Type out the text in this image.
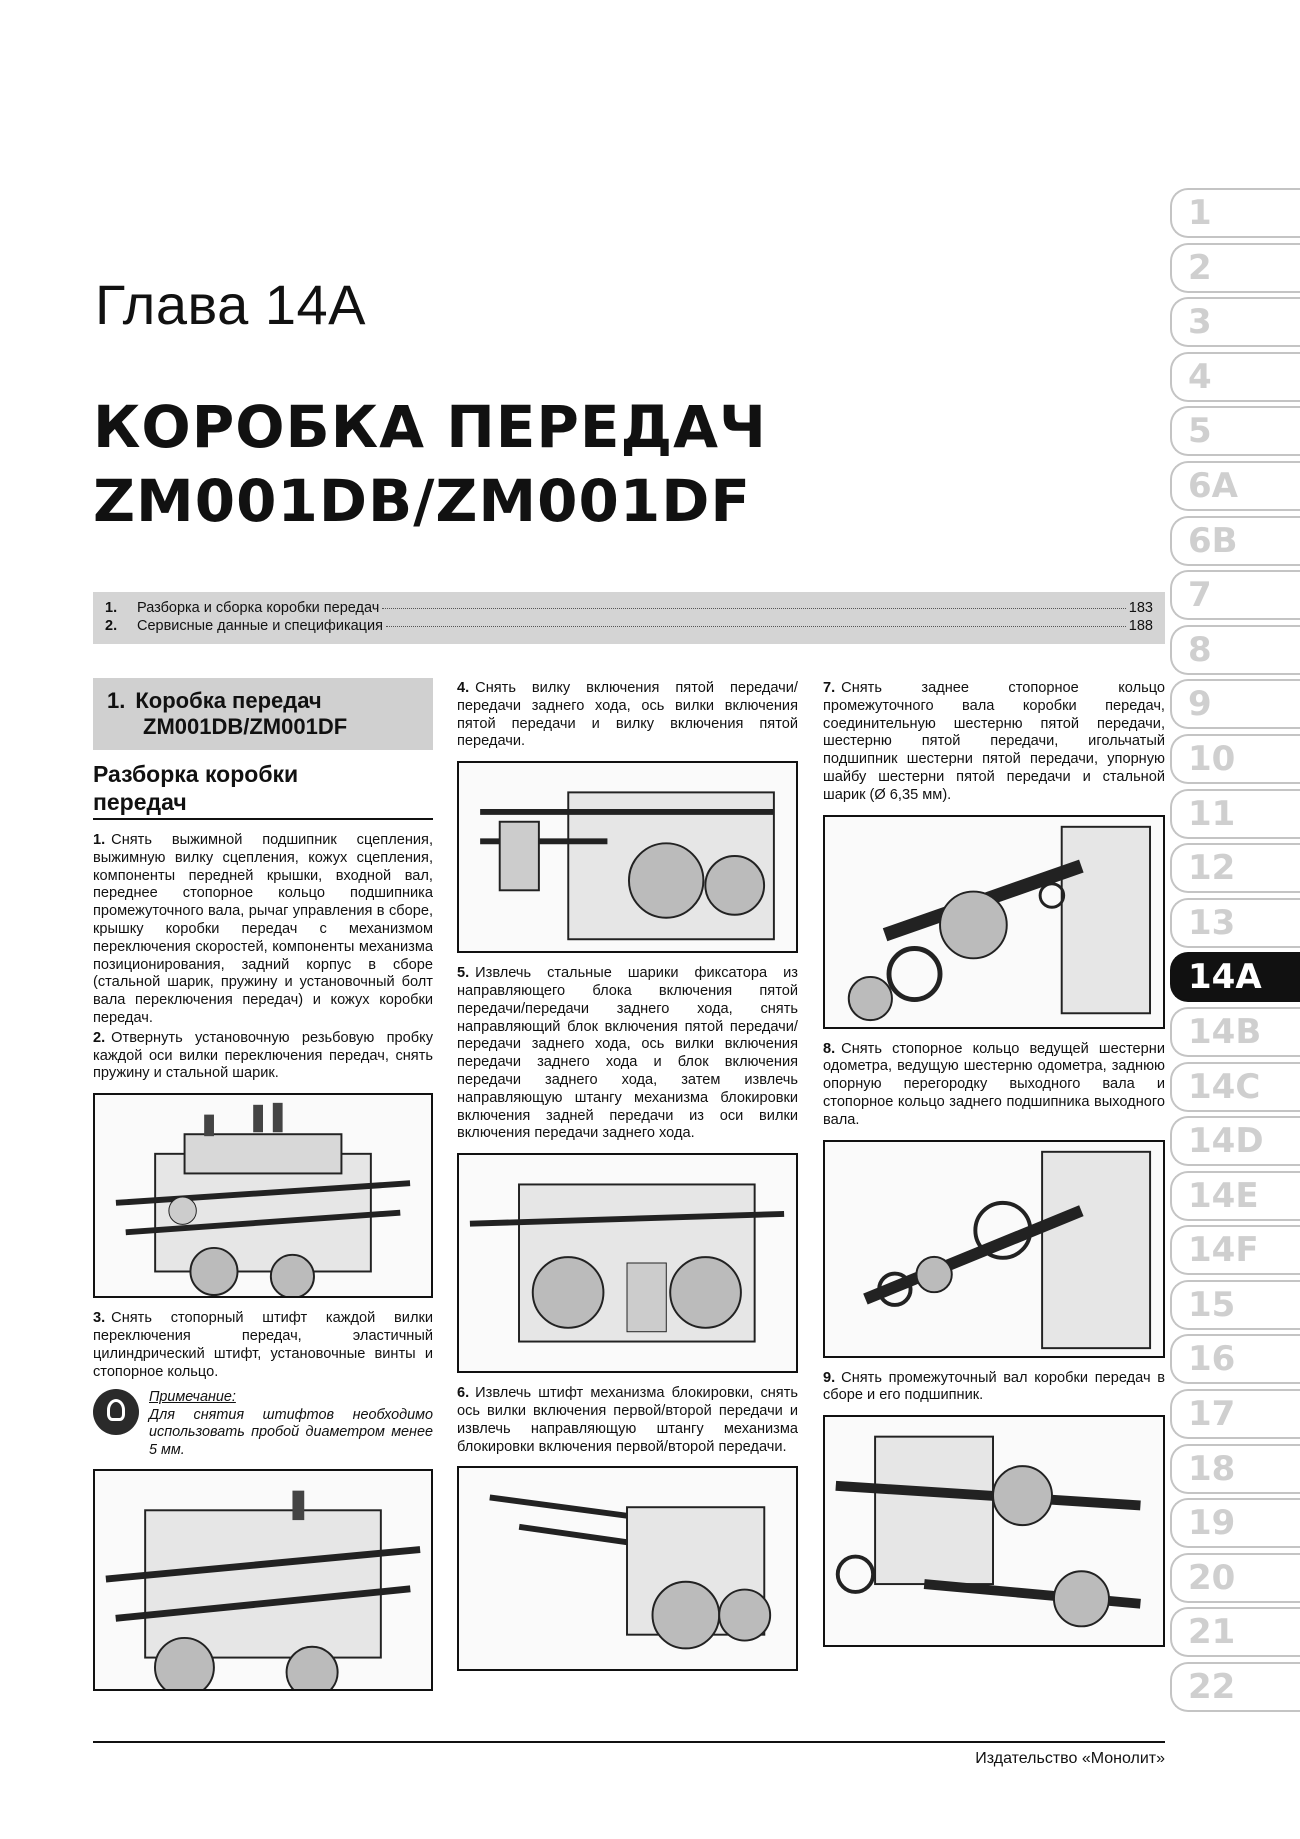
Глава 14A
КОРОБКА ПЕРЕДАЧ
ZM001DB/ZM001DF
1.	Разборка и сборка коробки передач	183
2.	Сервисные данные и спецификация	188
1. Коробка передач
ZM001DB/ZM001DF
Разборка коробки
передач

1. Снять выжимной подшипник сцепления, выжимную вилку сцепления, кожух сцепления, компоненты передней крышки, входной вал, переднее стопорное кольцо подшипника промежуточного вала, рычаг управления в сборе, крышку коробки передач с механизмом переключения скоростей, компоненты механизма позиционирования, задний корпус в сборе (стальной шарик, пружину и установочный болт вала переключения передач) и кожух коробки передач.

2. Отвернуть установочную резьбовую пробку каждой оси вилки переключения передач, снять пружину и стальной шарик.

3. Снять стопорный штифт каждой вилки переключения передач, эластичный цилиндрический штифт, установочные винты и стопорное кольцо.

Примечание:
Для снятия штифтов необходимо использовать пробой диаметром менее 5 мм.

4. Снять вилку включения пятой передачи/передачи заднего хода, ось вилки включения пятой передачи и вилку включения пятой передачи.

5. Извлечь стальные шарики фиксатора из направляющего блока включения пятой передачи/передачи заднего хода, снять направляющий блок включения пятой передачи/передачи заднего хода, ось вилки включения передачи заднего хода и блок включения передачи заднего хода, затем извлечь направляющую штангу механизма блокировки включения задней передачи из оси вилки включения передачи заднего хода.

6. Извлечь штифт механизма блокировки, снять ось вилки включения первой/второй передачи и извлечь направляющую штангу механизма блокировки включения первой/второй передачи.

7. Снять заднее стопорное кольцо промежуточного вала коробки передач, соединительную шестерню пятой передачи, шестерню пятой передачи, игольчатый подшипник шестерни пятой передачи, упорную шайбу шестерни пятой передачи и стальной шарик (Ø 6,35 мм).

8. Снять стопорное кольцо ведущей шестерни одометра, ведущую шестерню одометра, заднюю опорную перегородку выходного вала и стопорное кольцо заднего подшипника выходного вала.

9. Снять промежуточный вал коробки передач в сборе и его подшипник.

1
2
3
4
5
6A
6B
7
8
9
10
11
12
13
14A
14B
14C
14D
14E
14F
15
16
17
18
19
20
21
22
Издательство «Монолит»
